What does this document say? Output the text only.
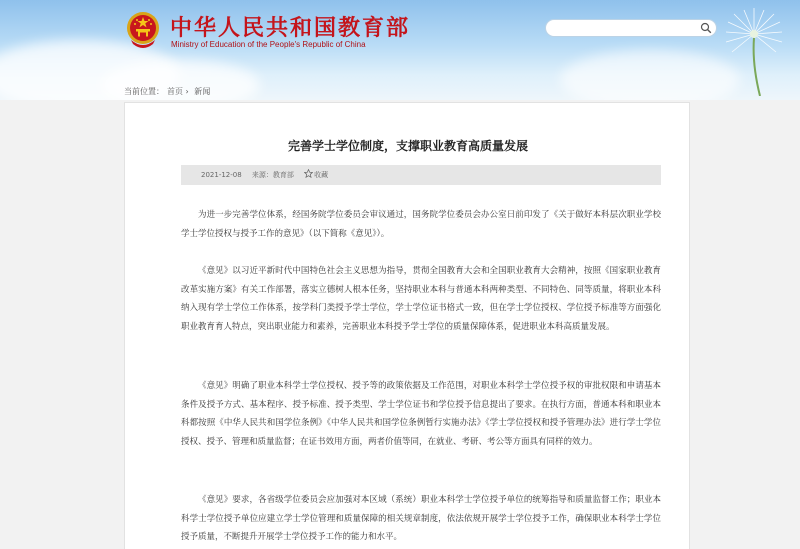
中华人民共和国教育部
Ministry of Education of the People's Republic of China
当前位置： 首页 › 新闻
完善学士学位制度，支撑职业教育高质量发展
2021-12-08 来源：教育部	收藏

为进一步完善学位体系，经国务院学位委员会审议通过，国务院学位委员会办公室日前印发了《关于做好本科层次职业学校学士学位授权与授予工作的意见》（以下简称《意见》）。

《意见》以习近平新时代中国特色社会主义思想为指导，贯彻全国教育大会和全国职业教育大会精神，按照《国家职业教育改革实施方案》有关工作部署，落实立德树人根本任务，坚持职业本科与普通本科两种类型、不同特色、同等质量，将职业本科纳入现有学士学位工作体系，按学科门类授予学士学位，学士学位证书格式一致，但在学士学位授权、学位授予标准等方面强化职业教育育人特点，突出职业能力和素养，完善职业本科授予学士学位的质量保障体系，促进职业本科高质量发展。

《意见》明确了职业本科学士学位授权、授予等的政策依据及工作范围，对职业本科学士学位授予权的审批权限和申请基本条件及授予方式、基本程序、授予标准、授予类型、学士学位证书和学位授予信息提出了要求。在执行方面，普通本科和职业本科都按照《中华人民共和国学位条例》《中华人民共和国学位条例暂行实施办法》《学士学位授权和授予管理办法》进行学士学位授权、授予、管理和质量监督；在证书效用方面，两者价值等同，在就业、考研、考公等方面具有同样的效力。

《意见》要求，各省级学位委员会应加强对本区域（系统）职业本科学士学位授予单位的统筹指导和质量监督工作；职业本科学士学位授予单位应建立学士学位管理和质量保障的相关规章制度，依法依规开展学士学位授予工作，确保职业本科学士学位授予质量，不断提升开展学士学位授予工作的能力和水平。
